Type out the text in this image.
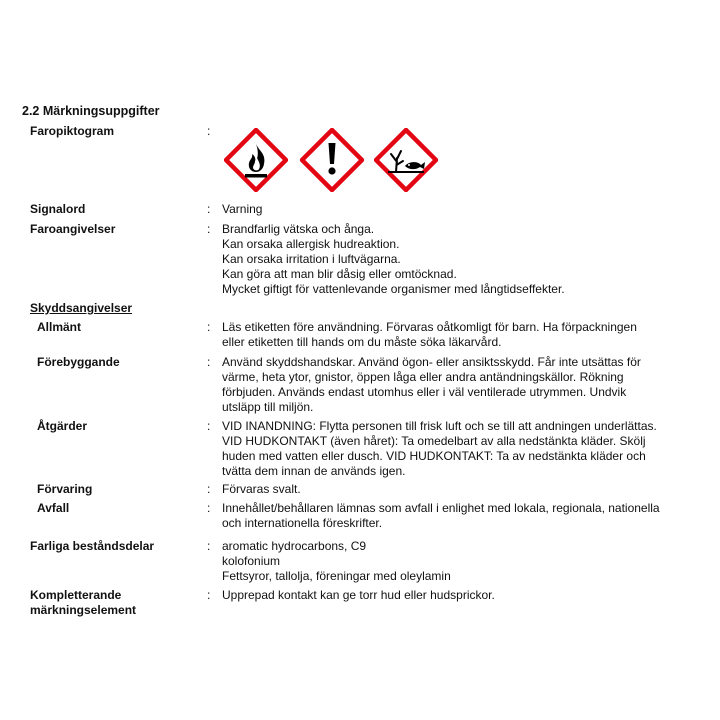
2.2 Märkningsuppgifter
Faropiktogram	:
Signalord	: Varning
Faroangivelser	: Brandfarlig vätska och ånga.
Kan orsaka allergisk hudreaktion.
Kan orsaka irritation i luftvägarna.
Kan göra att man blir dåsig eller omtöcknad.
Mycket giftigt för vattenlevande organismer med långtidseffekter.
Skyddsangivelser
Allmänt	: Läs etiketten före användning. Förvaras oåtkomligt för barn. Ha förpackningen
eller etiketten till hands om du måste söka läkarvård.
Förebyggande	: Använd skyddshandskar. Använd ögon- eller ansiktsskydd. Får inte utsättas för
värme, heta ytor, gnistor, öppen låga eller andra antändningskällor. Rökning
förbjuden. Används endast utomhus eller i väl ventilerade utrymmen. Undvik
utsläpp till miljön.
Åtgärder	: VID INANDNING: Flytta personen till frisk luft och se till att andningen underlättas.
VID HUDKONTAKT (även håret): Ta omedelbart av alla nedstänkta kläder. Skölj
huden med vatten eller dusch. VID HUDKONTAKT: Ta av nedstänkta kläder och
tvätta dem innan de används igen.
Förvaring	: Förvaras svalt.
Avfall	: Innehållet/behållaren lämnas som avfall i enlighet med lokala, regionala, nationella
och internationella föreskrifter.
Farliga beståndsdelar	: aromatic hydrocarbons, C9
kolofonium
Fettsyror, tallolja, föreningar med oleylamin
Kompletterande
märkningselement
: Upprepad kontakt kan ge torr hud eller hudsprickor.
